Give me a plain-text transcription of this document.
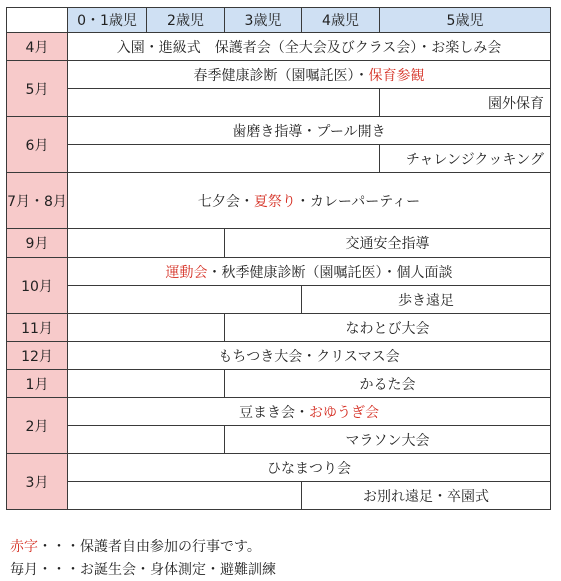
	0・1歳児	2歳児	3歳児	4歳児	5歳児
4月	入園・進級式 保護者会（全大会及びクラス会）・お楽しみ会				
5月	春季健康診断（園嘱託医）・保育参観				
					園外保育
6月	歯磨き指導・プール開き				
					チャレンジクッキング
7月・8月	七夕会・夏祭り・カレーパーティー				
9月			交通安全指導		
10月	運動会・秋季健康診断（園嘱託医）・個人面談				
				歩き遠足	
11月			なわとび大会		
12月	もちつき大会・クリスマス会				
1月			かるた会		
2月	豆まき会・おゆうぎ会				
			マラソン大会		
3月	ひなまつり会				
				お別れ遠足・卒園式	
赤字・・・保護者自由参加の行事です。
毎月・・・お誕生会・身体測定・避難訓練
